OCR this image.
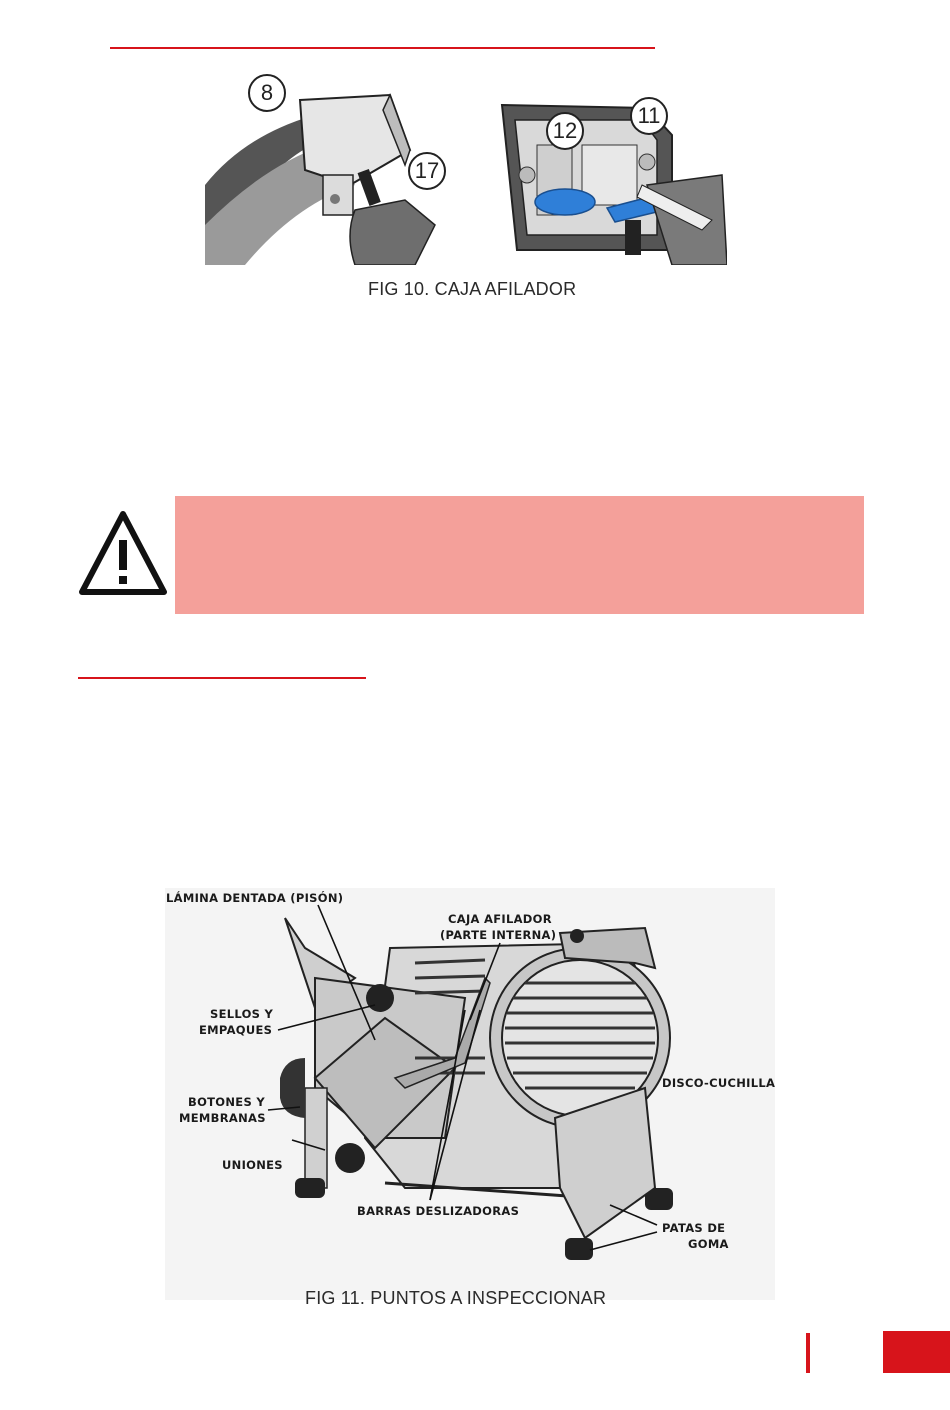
8
17
12
11
FIG 10. CAJA AFILADOR
LÁMINA DENTADA (PISÓN)
CAJA AFILADOR
(PARTE INTERNA)
SELLOS Y
EMPAQUES
BOTONES Y
MEMBRANAS
UNIONES
DISCO-CUCHILLA
BARRAS DESLIZADORAS
PATAS DE
GOMA
FIG 11. PUNTOS A INSPECCIONAR
